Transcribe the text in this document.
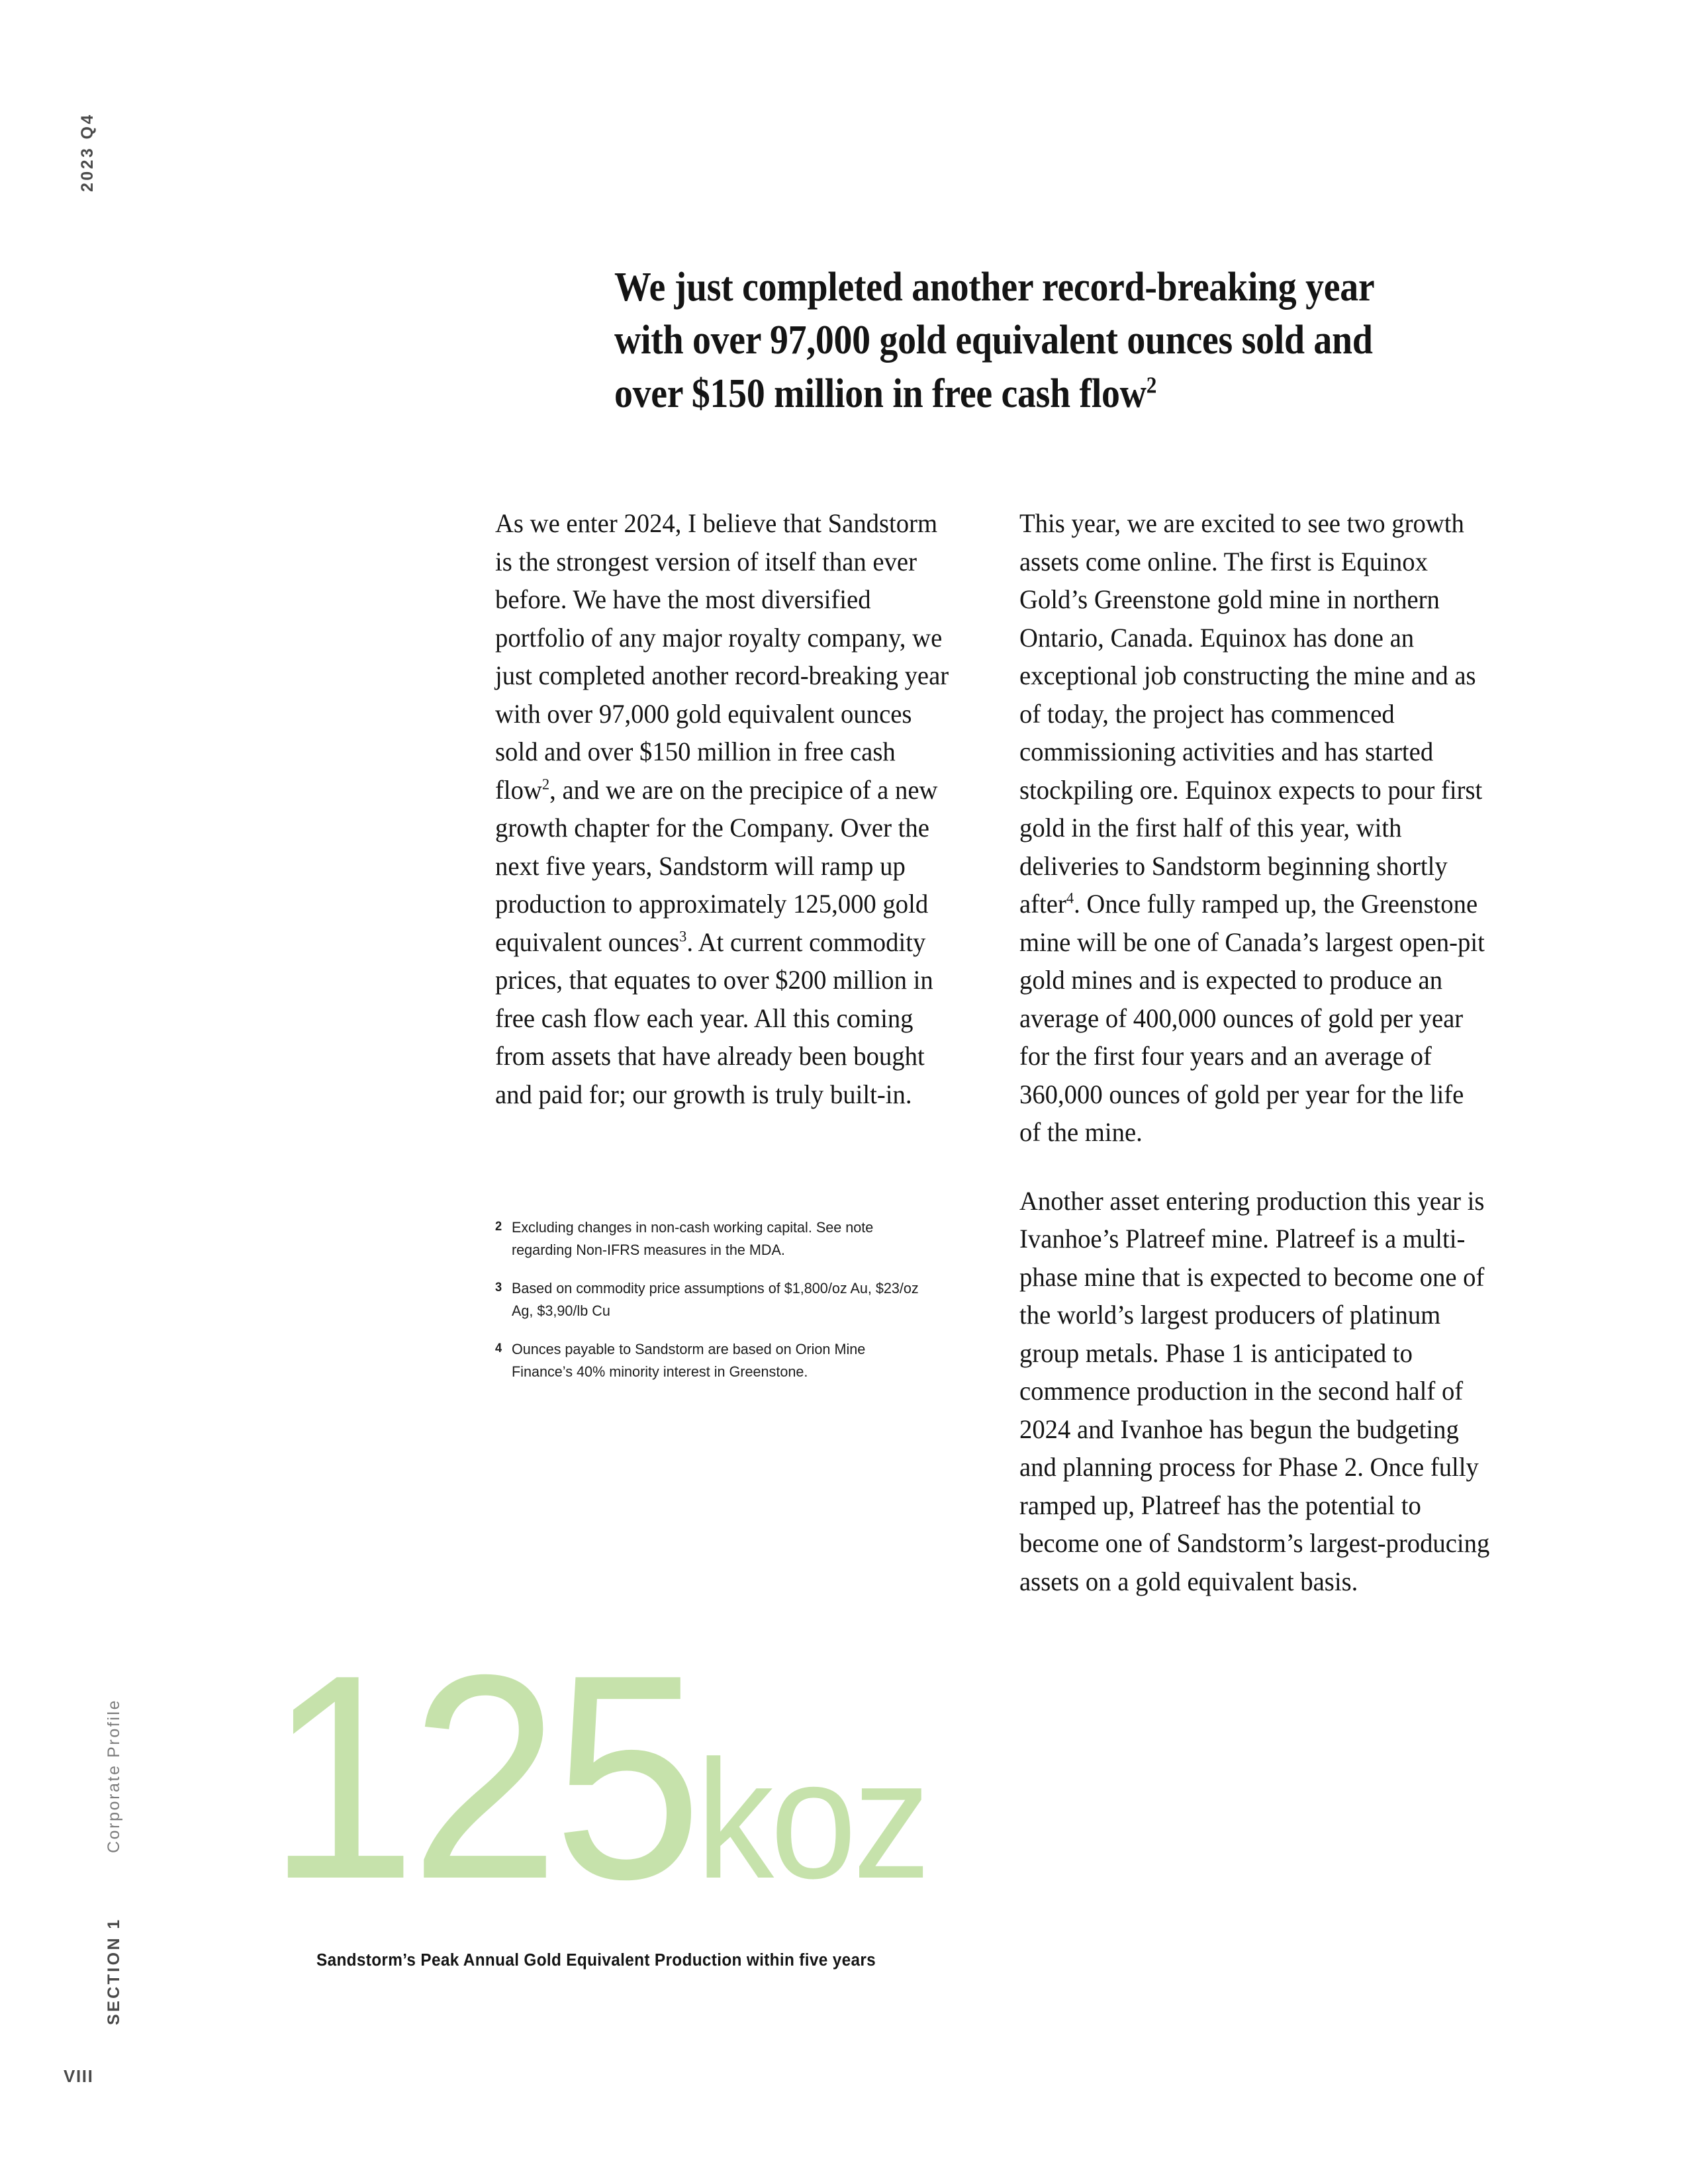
2023 Q4
Corporate Profile
SECTION 1
VIII
We just completed another record-breaking year with over 97,000 gold equivalent ounces sold and over $150 million in free cash flow$^2$

As we enter 2024, I believe that Sandstorm is the strongest version of itself than ever before. We have the most diversified portfolio of any major royalty company, we just completed another record-breaking year with over 97,000 gold equivalent ounces sold and over $150 million in free cash flow$^2$, and we are on the precipice of a new growth chapter for the Company. Over the next five years, Sandstorm will ramp up production to approximately 125,000 gold equivalent ounces$^3$. At current commodity prices, that equates to over $200 million in free cash flow each year. All this coming from assets that have already been bought and paid for; our growth is truly built-in.

2 Excluding changes in non-cash working capital. See note regarding Non-IFRS measures in the MDA.
3 Based on commodity price assumptions of $1,800/oz Au, $23/oz Ag, $3,90/lb Cu
4 Ounces payable to Sandstorm are based on Orion Mine Finance’s 40% minority interest in Greenstone.

This year, we are excited to see two growth assets come online. The first is Equinox Gold’s Greenstone gold mine in northern Ontario, Canada. Equinox has done an exceptional job constructing the mine and as of today, the project has commenced commissioning activities and has started stockpiling ore. Equinox expects to pour first gold in the first half of this year, with deliveries to Sandstorm beginning shortly after$^4$. Once fully ramped up, the Greenstone mine will be one of Canada’s largest open-pit gold mines and is expected to produce an average of 400,000 ounces of gold per year for the first four years and an average of 360,000 ounces of gold per year for the life of the mine.

Another asset entering production this year is Ivanhoe’s Platreef mine. Platreef is a multi-phase mine that is expected to become one of the world’s largest producers of platinum group metals. Phase 1 is anticipated to commence production in the second half of 2024 and Ivanhoe has begun the budgeting and planning process for Phase 2. Once fully ramped up, Platreef has the potential to become one of Sandstorm’s largest-producing assets on a gold equivalent basis.

125koz
Sandstorm’s Peak Annual Gold Equivalent Production within five years
